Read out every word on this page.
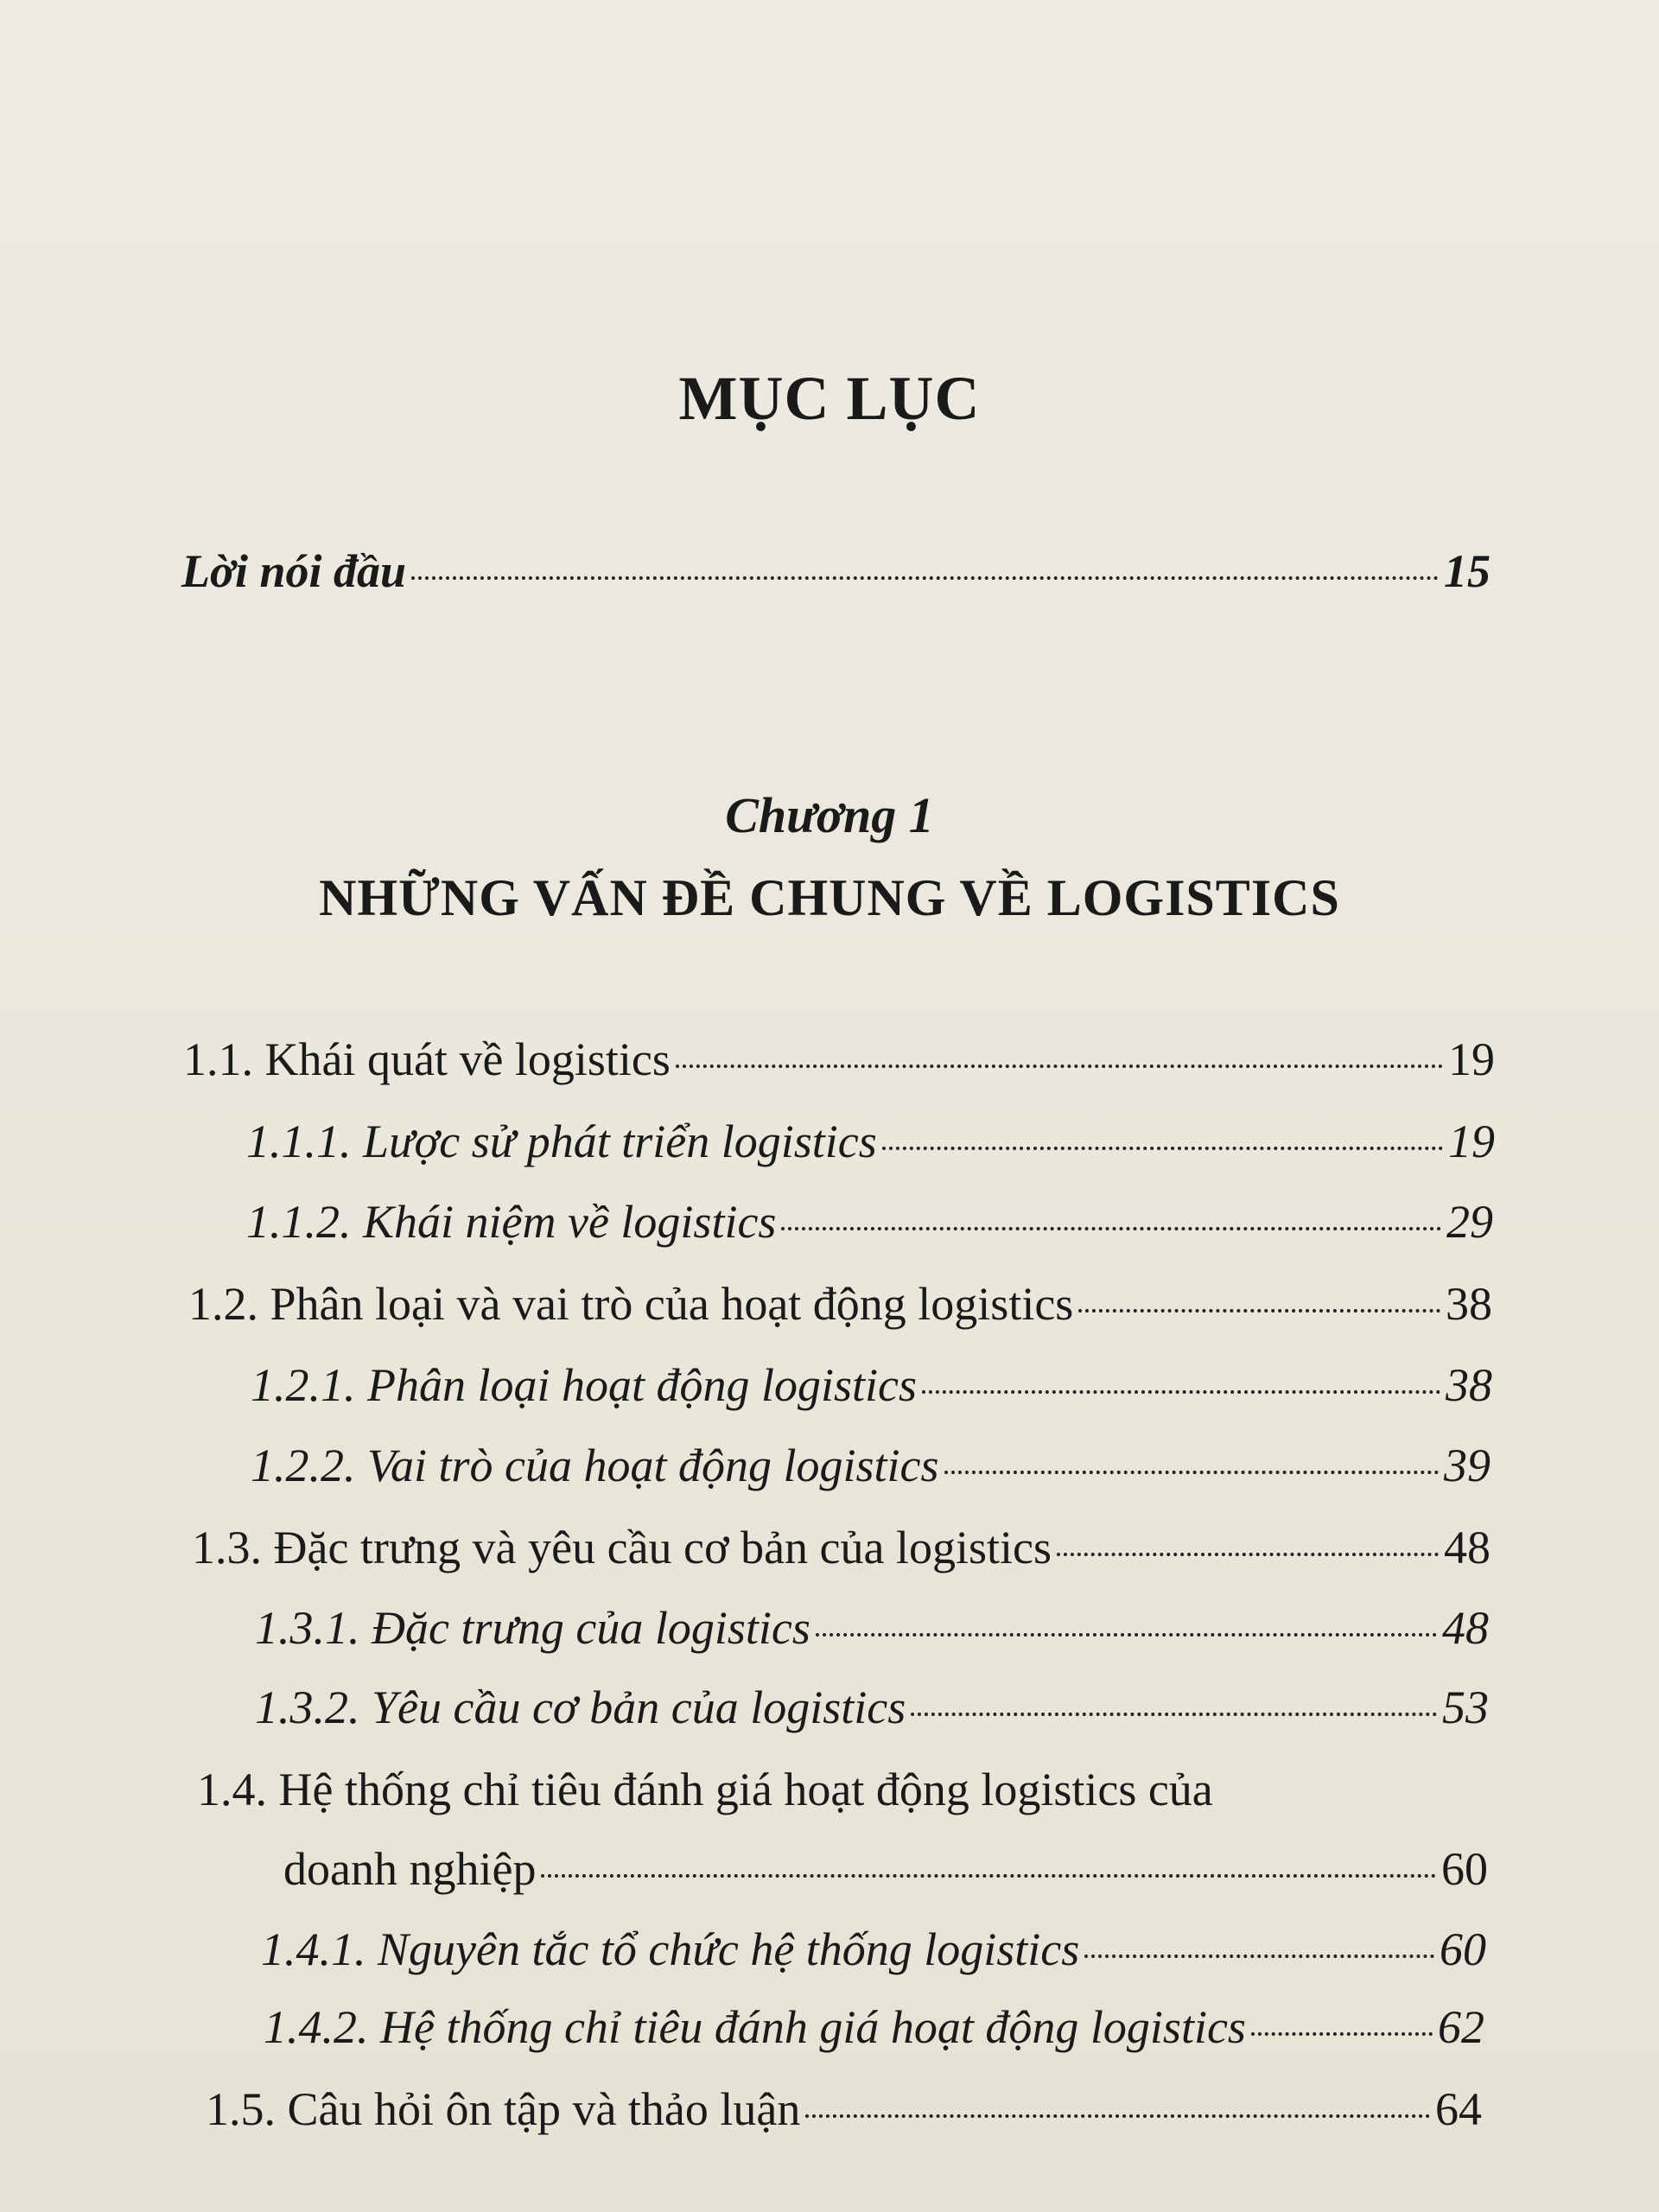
MỤC LỤC
Lời nói đầu	15
Chương 1
NHỮNG VẤN ĐỀ CHUNG VỀ LOGISTICS
1.1. Khái quát về logistics	19
1.1.1. Lược sử phát triển logistics	19
1.1.2. Khái niệm về logistics	29
1.2. Phân loại và vai trò của hoạt động logistics	38
1.2.1. Phân loại hoạt động logistics	38
1.2.2. Vai trò của hoạt động logistics	39
1.3. Đặc trưng và yêu cầu cơ bản của logistics	48
1.3.1. Đặc trưng của logistics	48
1.3.2. Yêu cầu cơ bản của logistics	53
1.4. Hệ thống chỉ tiêu đánh giá hoạt động logistics của
doanh nghiệp	60
1.4.1. Nguyên tắc tổ chức hệ thống logistics	60
1.4.2. Hệ thống chỉ tiêu đánh giá hoạt động logistics	62
1.5. Câu hỏi ôn tập và thảo luận	64
